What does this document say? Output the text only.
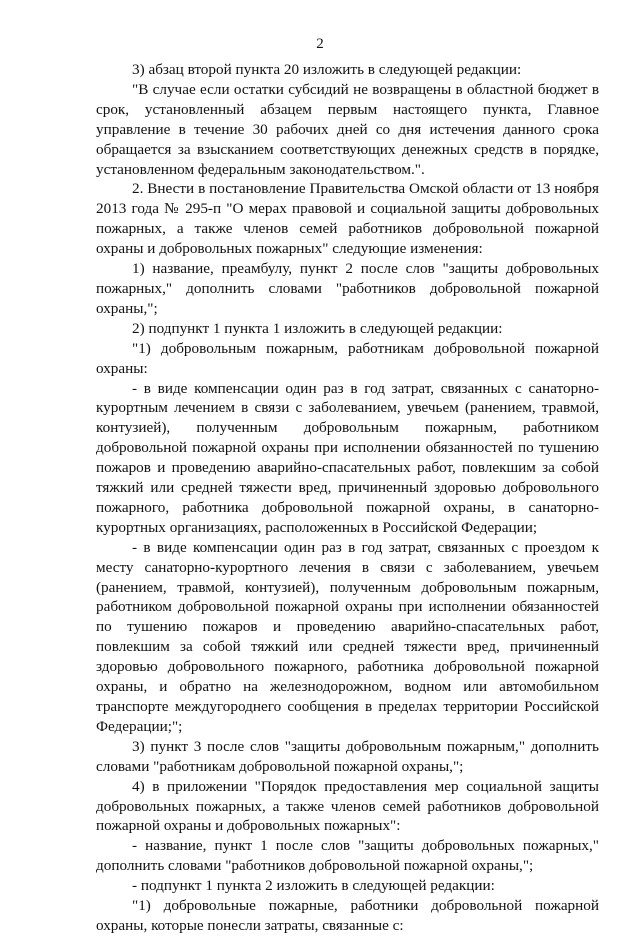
2

3) абзац второй пункта 20 изложить в следующей редакции:

"В случае если остатки субсидий не возвращены в областной бюджет в срок, установленный абзацем первым настоящего пункта, Главное управление в течение 30 рабочих дней со дня истечения данного срока обращается за взысканием соответствующих денежных средств в порядке, установленном федеральным законодательством.".

2. Внести в постановление Правительства Омской области от 13 ноября 2013 года № 295-п "О мерах правовой и социальной защиты добровольных пожарных, а также членов семей работников добровольной пожарной охраны и добровольных пожарных" следующие изменения:

1) название, преамбулу, пункт 2 после слов "защиты добровольных пожарных," дополнить словами "работников добровольной пожарной охраны,";

2) подпункт 1 пункта 1 изложить в следующей редакции:

"1) добровольным пожарным, работникам добровольной пожарной охраны:

- в виде компенсации один раз в год затрат, связанных с санаторно-курортным лечением в связи с заболеванием, увечьем (ранением, травмой, контузией), полученным добровольным пожарным, работником добровольной пожарной охраны при исполнении обязанностей по тушению пожаров и проведению аварийно-спасательных работ, повлекшим за собой тяжкий или средней тяжести вред, причиненный здоровью добровольного пожарного, работника добровольной пожарной охраны, в санаторно-курортных организациях, расположенных в Российской Федерации;

- в виде компенсации один раз в год затрат, связанных с проездом к месту санаторно-курортного лечения в связи с заболеванием, увечьем (ранением, травмой, контузией), полученным добровольным пожарным, работником добровольной пожарной охраны при исполнении обязанностей по тушению пожаров и проведению аварийно-спасательных работ, повлекшим за собой тяжкий или средней тяжести вред, причиненный здоровью добровольного пожарного, работника добровольной пожарной охраны, и обратно на железнодорожном, водном или автомобильном транспорте междугороднего сообщения в пределах территории Российской Федерации;";

3) пункт 3 после слов "защиты добровольным пожарным," дополнить словами "работникам добровольной пожарной охраны,";

4) в приложении "Порядок предоставления мер социальной защиты добровольных пожарных, а также членов семей работников добровольной пожарной охраны и добровольных пожарных":

- название, пункт 1 после слов "защиты добровольных пожарных," дополнить словами "работников добровольной пожарной охраны,";

- подпункт 1 пункта 2 изложить в следующей редакции:

"1) добровольные пожарные, работники добровольной пожарной охраны, которые понесли затраты, связанные с:
